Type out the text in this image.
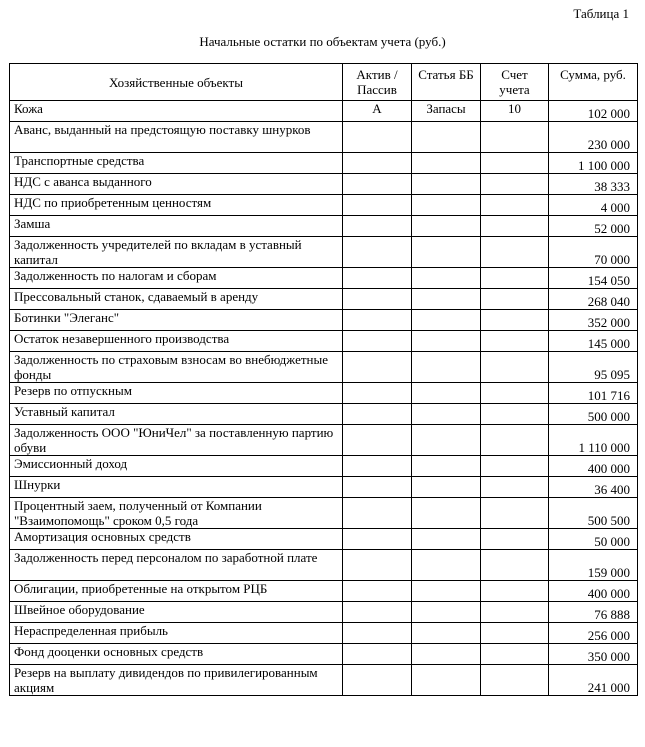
Таблица 1
Начальные остатки по объектам учета (руб.)
Хозяйственные объекты	Актив / Пассив	Статья ББ	Счет учета	Сумма, руб.
Кожа	А	Запасы	10	102 000
Аванс, выданный на предстоящую поставку шнурков				230 000
Транспортные средства				1 100 000
НДС с аванса выданного				38 333
НДС по приобретенным ценностям				4 000
Замша				52 000
Задолженность учредителей по вкладам в уставный капитал				70 000
Задолженность по налогам и сборам				154 050
Прессовальный станок, сдаваемый в аренду				268 040
Ботинки "Элеганс"				352 000
Остаток незавершенного производства				145 000
Задолженность по страховым взносам во внебюджетные фонды				95 095
Резерв по отпускным				101 716
Уставный капитал				500 000
Задолженность ООО "ЮниЧел" за поставленную партию обуви				1 110 000
Эмиссионный доход				400 000
Шнурки				36 400
Процентный заем, полученный от Компании "Взаимопомощь" сроком 0,5 года				500 500
Амортизация основных средств				50 000
Задолженность перед персоналом по заработной плате				159 000
Облигации, приобретенные на открытом РЦБ				400 000
Швейное оборудование				76 888
Нераспределенная прибыль				256 000
Фонд дооценки основных средств				350 000
Резерв на выплату дивидендов по привилегированным акциям				241 000
